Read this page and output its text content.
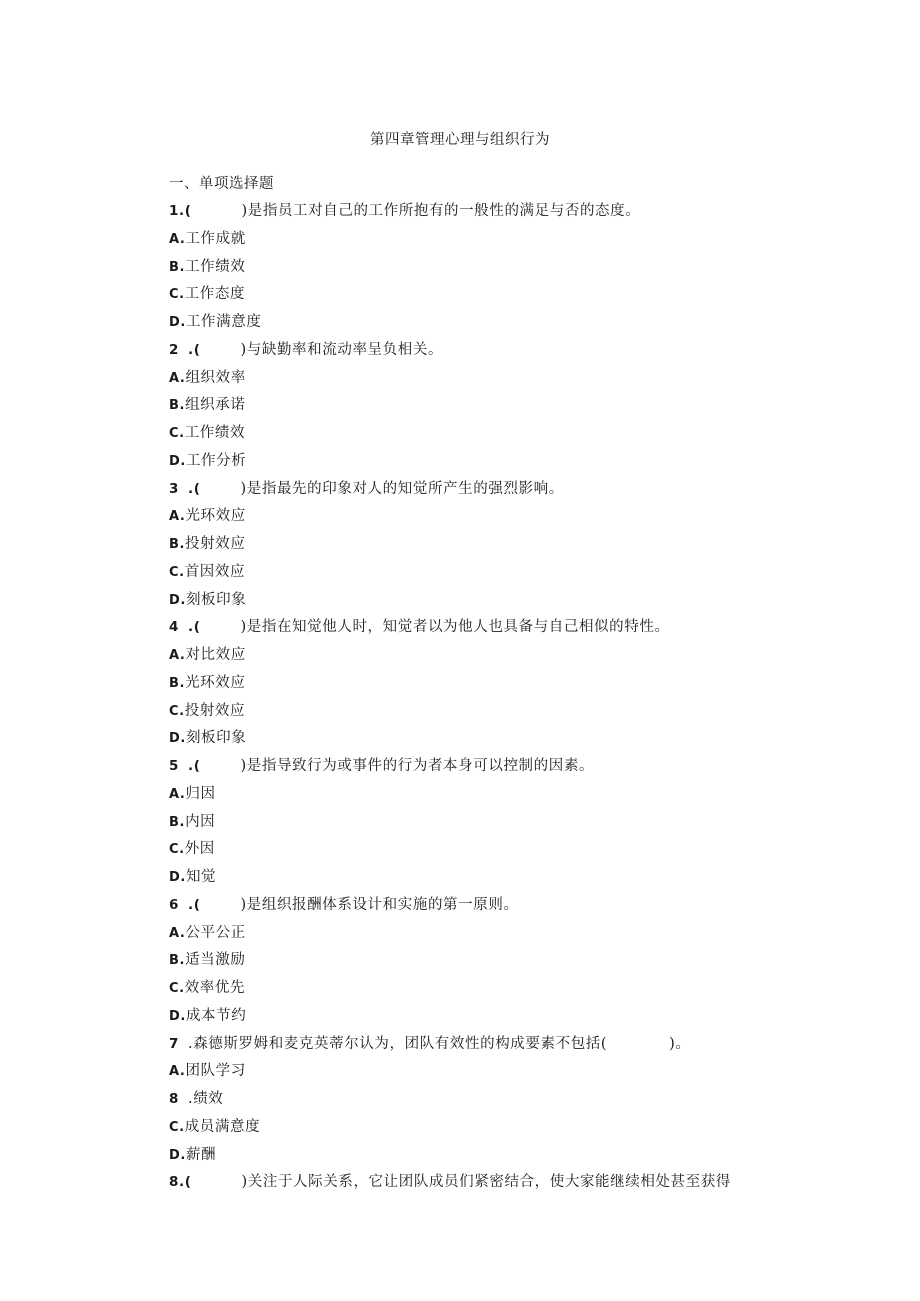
第四章管理心理与组织行为
一、单项选择题
1.(	)是指员工对自己的工作所抱有的一般性的满足与否的态度。
A.工作成就
B.工作绩效
C.工作态度
D.工作满意度
2 .(	)与缺勤率和流动率呈负相关。
A.组织效率
B.组织承诺
C.工作绩效
D.工作分析
3 .(	)是指最先的印象对人的知觉所产生的强烈影响。
A.光环效应
B.投射效应
C.首因效应
D.刻板印象
4 .(	)是指在知觉他人时，知觉者以为他人也具备与自己相似的特性。
A.对比效应
B.光环效应
C.投射效应
D.刻板印象
5 .(	)是指导致行为或事件的行为者本身可以控制的因素。
A.归因
B.内因
C.外因
D.知觉
6 .(	)是组织报酬体系设计和实施的第一原则。
A.公平公正
B.适当激励
C.效率优先
D.成本节约
7 .森德斯罗姆和麦克英蒂尔认为，团队有效性的构成要素不包括(	)。
A.团队学习
8 .绩效
C.成员满意度
D.薪酬
8.(	)关注于人际关系，它让团队成员们紧密结合，使大家能继续相处甚至获得
